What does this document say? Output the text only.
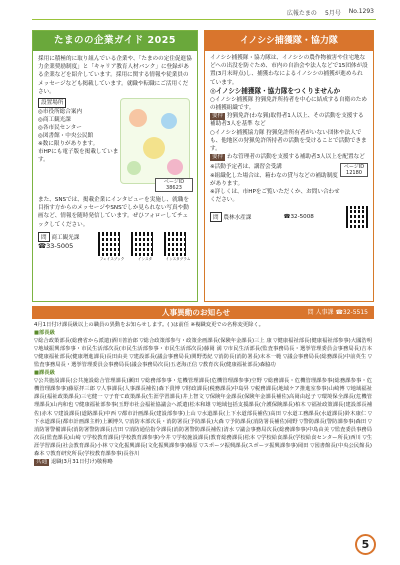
広報たまの 5月号 No.1293
たまのの企業ガイド 2025

採用に積極的に取り組んでいる企業や、「たまのの定住促進協力企業奨励制度」と「キャリア教育人材バンク」に登録がある企業などを紹介しています。採用に関する情報や従業員のメッセージなども掲載しています。就職や転職にご活用ください。

設置場所
◎市役所総合案内
◎商工観光課
◎各市民センター
◎図書館・中央公民館
※数に限りがあります。
市HPにも電子版を掲載しています。
ページID 38623

また、SNSでは、掲載企業にインタビューを実施し、就職を目指す方からのメッセージやSNSでしか見られない写真や動画など、情報を随時発信しています。ぜひフォローしてチェックしてください。

問 商工観光課
☎33-5005
フェイスブック	インスタ	インスタグラム
イノシシ捕獲隊・協力隊

イノシシ捕獲隊・協力隊は、イノシシの農作物被害や住宅地などへの出没を防ぐため、市内の自治会や法人などで15団体が設置(3月末時点)し、捕獲わなによるイノシシの捕獲が進められています。

◎イノシシ捕獲隊・協力隊をつくりませんか

○イノシシ捕獲隊 狩猟免許所持者を中心に結成する自衛のための捕獲組織です。

要件 狩猟免許(わな猟)取得者1人以上、その活動を支援する補助者3人を基準 など

○イノシシ捕獲協力隊 狩猟免許所有者がいない団体や法人でも、他地区の狩猟免許所持者の活動を受けることで活動できます。

要件 わな管理者の活動を支援する補助者3人以上を配置など

※活動予定者は、講習会受講

※組織化した場合は、箱わなの貸与などの補助制度があります。

※詳しくは、市HPをご覧いただくか、お問い合わせください。

ページID 12180
問 農林水産課	☎32-5008
人事異動のお知らせ	問 人事課 ☎32-5515

4月1日付け課長級以上の職員の異動をお知らせします。( )は前任 ※複職変更での名称変更除く。

■部長級

▽総合政策部長(総務省から派遣)酒川善治郎 ▽総合政策部参与・政策企画課長(保険年金課長)三上 康 ▽健康福祉部長(健康福祉部参事)大國浩明 ▽地域振興部参事・市民生活部次長(市民生活部参事・市民生活部次長)藤岡 満 ▽市民生活部長(監査事務局長・選挙管理委員会事務局長)吉本 ▽健康福祉部長(健康増進課長)長田由美 ▽建設部長(議会事務局長)関野勇紀 ▽消防長(消防署長)末本一範 ▽議会事務局長(総務課長)中前英生 ▽監査事務局長・選挙管理委員会事務局長(議会事務局次長)五老海正信 ▽教育次長(健康福祉部長)森脇功

■課長級

▽公共施設課長(公共施設総合管理課長)瀬田 ▽総務部参事・危機管理課長(危機管理課参事)空野 ▽総務課長・危機管理課参事(総務課参事・危機管理課参事)藤原拝三郎 ▽人事課長(人事課長補佐)森下貴博 ▽財政課長(税務課長)中島昇 ▽税務課長(地域ケア推進室参事)山崎博 ▽地域福祉課長(福祉政策課長)三宅健一 ▽子育て政策課長(生涯学習課長)井上智文 ▽保険年金課長(保険年金課長補佐)高岡由起子 ▽環境保全課長(危機管理課長)山内和也 ▽健康福祉部参事(玉野市社会福祉協議会へ派遣)松本和雄 ▽地域包括支援課長(介護保険課長)柏木 ▽福祉政策課長(建設部長補佐)赤木 ▽建設課長(道路課長)中西 ▽都市計画課長(建設部参事)上山 ▽水道課長(上下水道部長補佐)高田 ▽水道工務課長(水道課長)鈴木康仁 ▽下水道課長(都市計画課主幹)上瀬博久 ▽消防本部次長・消防署長(予防課長)大森 ▽予防課長(消防署長補佐)岡野 ▽警防課長(警防課参事)森田 ▽消防署警備課長(消防署警防課長)吉田 ▽消防通信指令課長(消防署警防課長補佐)清水 ▽議会事務局次長(総務課参事)中島由美 ▽監査委員事務局次長(監査課長)山崎 ▽学校教育課長(学校教育課参事)今井 ▽学校施設課長(教育総務課長)松本 ▽学校給食課長(学校給食センター所長)西川 ▽生涯学習課長(社会教育課長)小林 ▽文化振興課長(文化振興課参事)藤原 ▽スポーツ振興課長(スポーツ振興課参事)岡田 ▽図書館長(中央公民館長)森本 ▽教育研究所長(学校教育課参事)長谷川

共通 退職(3月31日付け)敬称略

5
